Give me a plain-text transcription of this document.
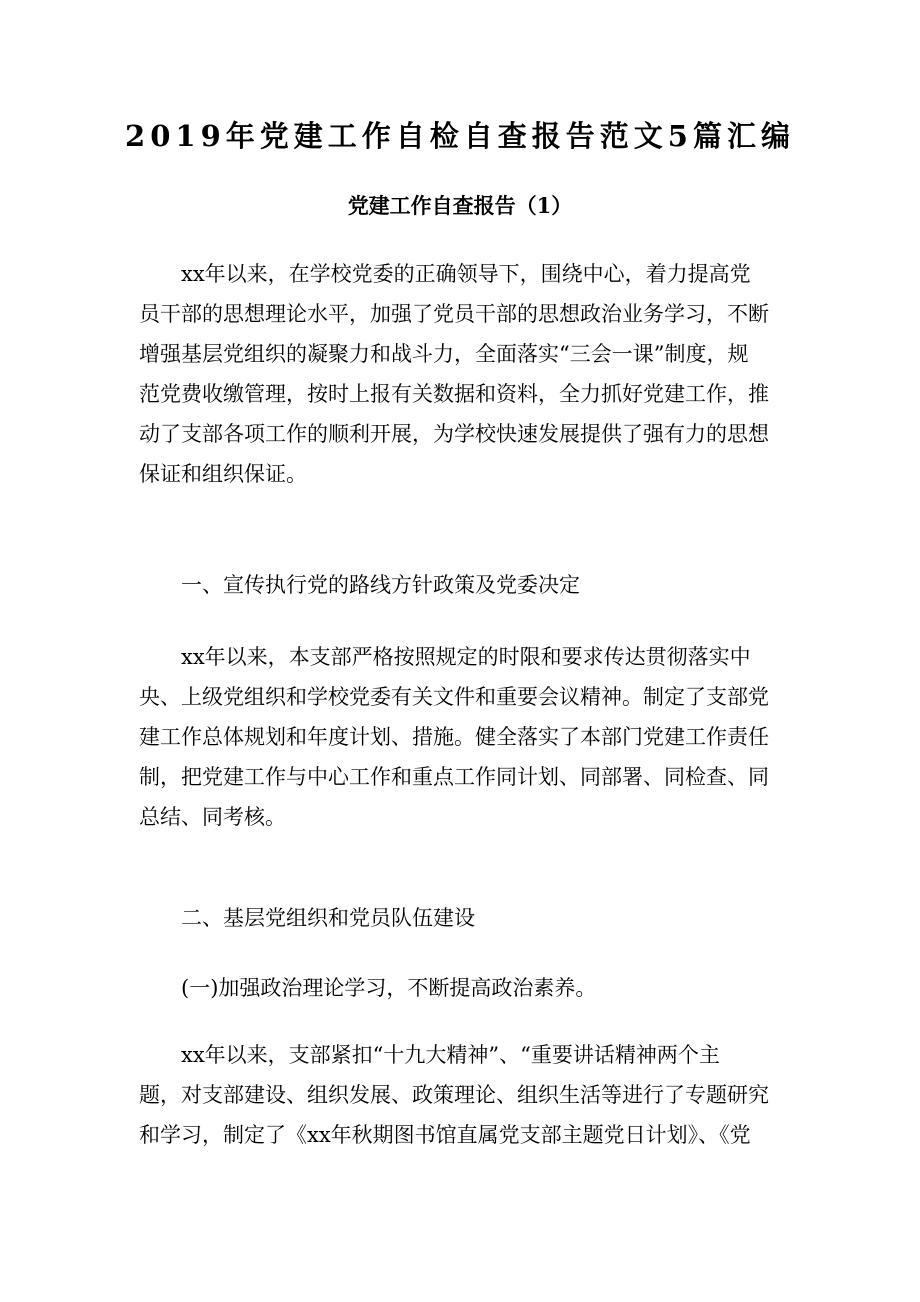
2019年党建工作自检自查报告范文5篇汇编
党建工作自查报告（1）
xx年以来，在学校党委的正确领导下，围绕中心，着力提高党
员干部的思想理论水平，加强了党员干部的思想政治业务学习，不断
增强基层党组织的凝聚力和战斗力，全面落实“三会一课”制度，规
范党费收缴管理，按时上报有关数据和资料，全力抓好党建工作，推
动了支部各项工作的顺利开展，为学校快速发展提供了强有力的思想
保证和组织保证。
一、宣传执行党的路线方针政策及党委决定
xx年以来，本支部严格按照规定的时限和要求传达贯彻落实中
央、上级党组织和学校党委有关文件和重要会议精神。制定了支部党
建工作总体规划和年度计划、措施。健全落实了本部门党建工作责任
制，把党建工作与中心工作和重点工作同计划、同部署、同检查、同
总结、同考核。
二、基层党组织和党员队伍建设
(一)加强政治理论学习，不断提高政治素养。
xx年以来，支部紧扣“十九大精神”、“重要讲话精神两个主
题，对支部建设、组织发展、政策理论、组织生活等进行了专题研究
和学习，制定了《xx年秋期图书馆直属党支部主题党日计划》、《党
